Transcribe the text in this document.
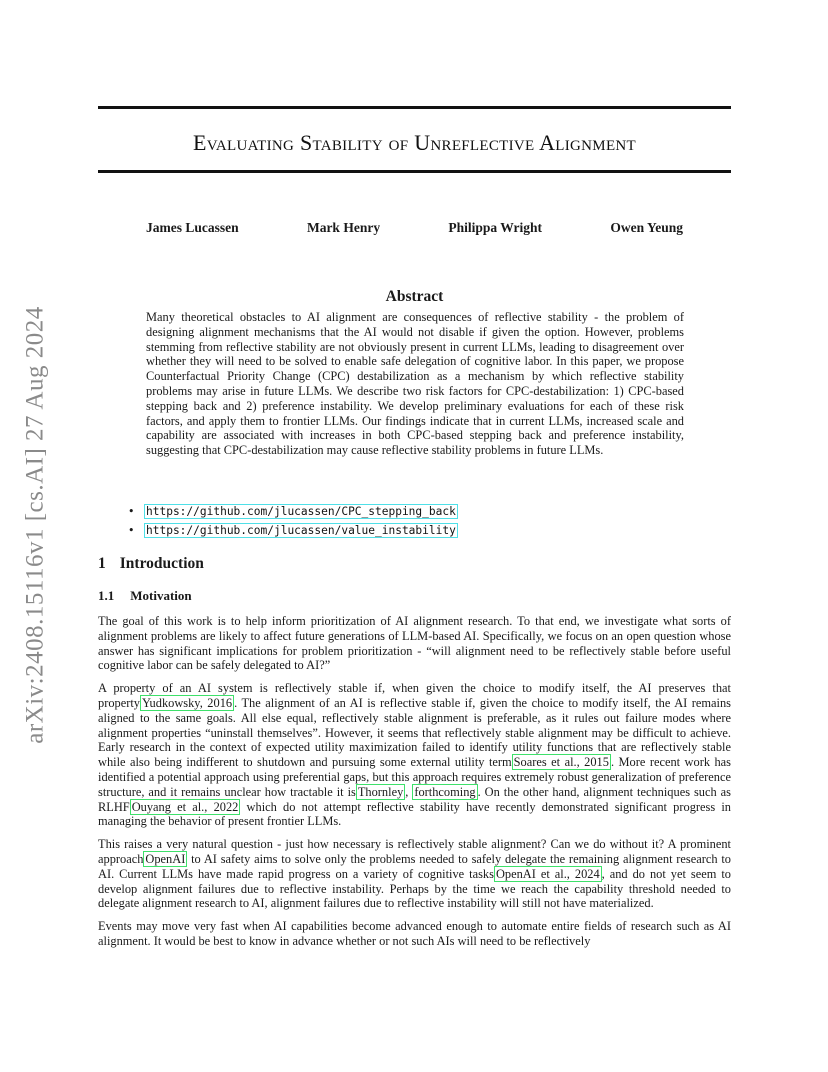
arXiv:2408.15116v1 [cs.AI] 27 Aug 2024
Evaluating Stability of Unreflective Alignment
James Lucassen	Mark Henry	Philippa Wright	Owen Yeung
Abstract
Many theoretical obstacles to AI alignment are consequences of reflective stability - the problem of designing alignment mechanisms that the AI would not disable if given the option. However, problems stemming from reflective stability are not obviously present in current LLMs, leading to disagreement over whether they will need to be solved to enable safe delegation of cognitive labor. In this paper, we propose Counterfactual Priority Change (CPC) destabilization as a mechanism by which reflective stability problems may arise in future LLMs. We describe two risk factors for CPC-destabilization: 1) CPC-based stepping back and 2) preference instability. We develop preliminary evaluations for each of these risk factors, and apply them to frontier LLMs. Our findings indicate that in current LLMs, increased scale and capability are associated with increases in both CPC-based stepping back and preference instability, suggesting that CPC-destabilization may cause reflective stability problems in future LLMs.
•	https://github.com/jlucassen/CPC_stepping_back
•	https://github.com/jlucassen/value_instability
1 Introduction
1.1 Motivation

The goal of this work is to help inform prioritization of AI alignment research. To that end, we investigate what sorts of alignment problems are likely to affect future generations of LLM-based AI. Specifically, we focus on an open question whose answer has significant implications for problem prioritization - “will alignment need to be reflectively stable before useful cognitive labor can be safely delegated to AI?”

A property of an AI system is reflectively stable if, when given the choice to modify itself, the AI preserves that property Yudkowsky, 2016 . The alignment of an AI is reflective stable if, given the choice to modify itself, the AI remains aligned to the same goals. All else equal, reflectively stable alignment is preferable, as it rules out failure modes where alignment properties “uninstall themselves”. However, it seems that reflectively stable alignment may be difficult to achieve. Early research in the context of expected utility maximization failed to identify utility functions that are reflectively stable while also being indifferent to shutdown and pursuing some external utility term Soares et al., 2015 . More recent work has identified a potential approach using preferential gaps, but this approach requires extremely robust generalization of preference structure, and it remains unclear how tractable it is Thornley , forthcoming . On the other hand, alignment techniques such as RLHF Ouyang et al., 2022 which do not attempt reflective stability have recently demonstrated significant progress in managing the behavior of present frontier LLMs.

This raises a very natural question - just how necessary is reflectively stable alignment? Can we do without it? A prominent approach OpenAI to AI safety aims to solve only the problems needed to safely delegate the remaining alignment research to AI. Current LLMs have made rapid progress on a variety of cognitive tasks OpenAI et al., 2024 , and do not yet seem to develop alignment failures due to reflective instability. Perhaps by the time we reach the capability threshold needed to delegate alignment research to AI, alignment failures due to reflective instability will still not have materialized.

Events may move very fast when AI capabilities become advanced enough to automate entire fields of research such as AI alignment. It would be best to know in advance whether or not such AIs will need to be reflectively
